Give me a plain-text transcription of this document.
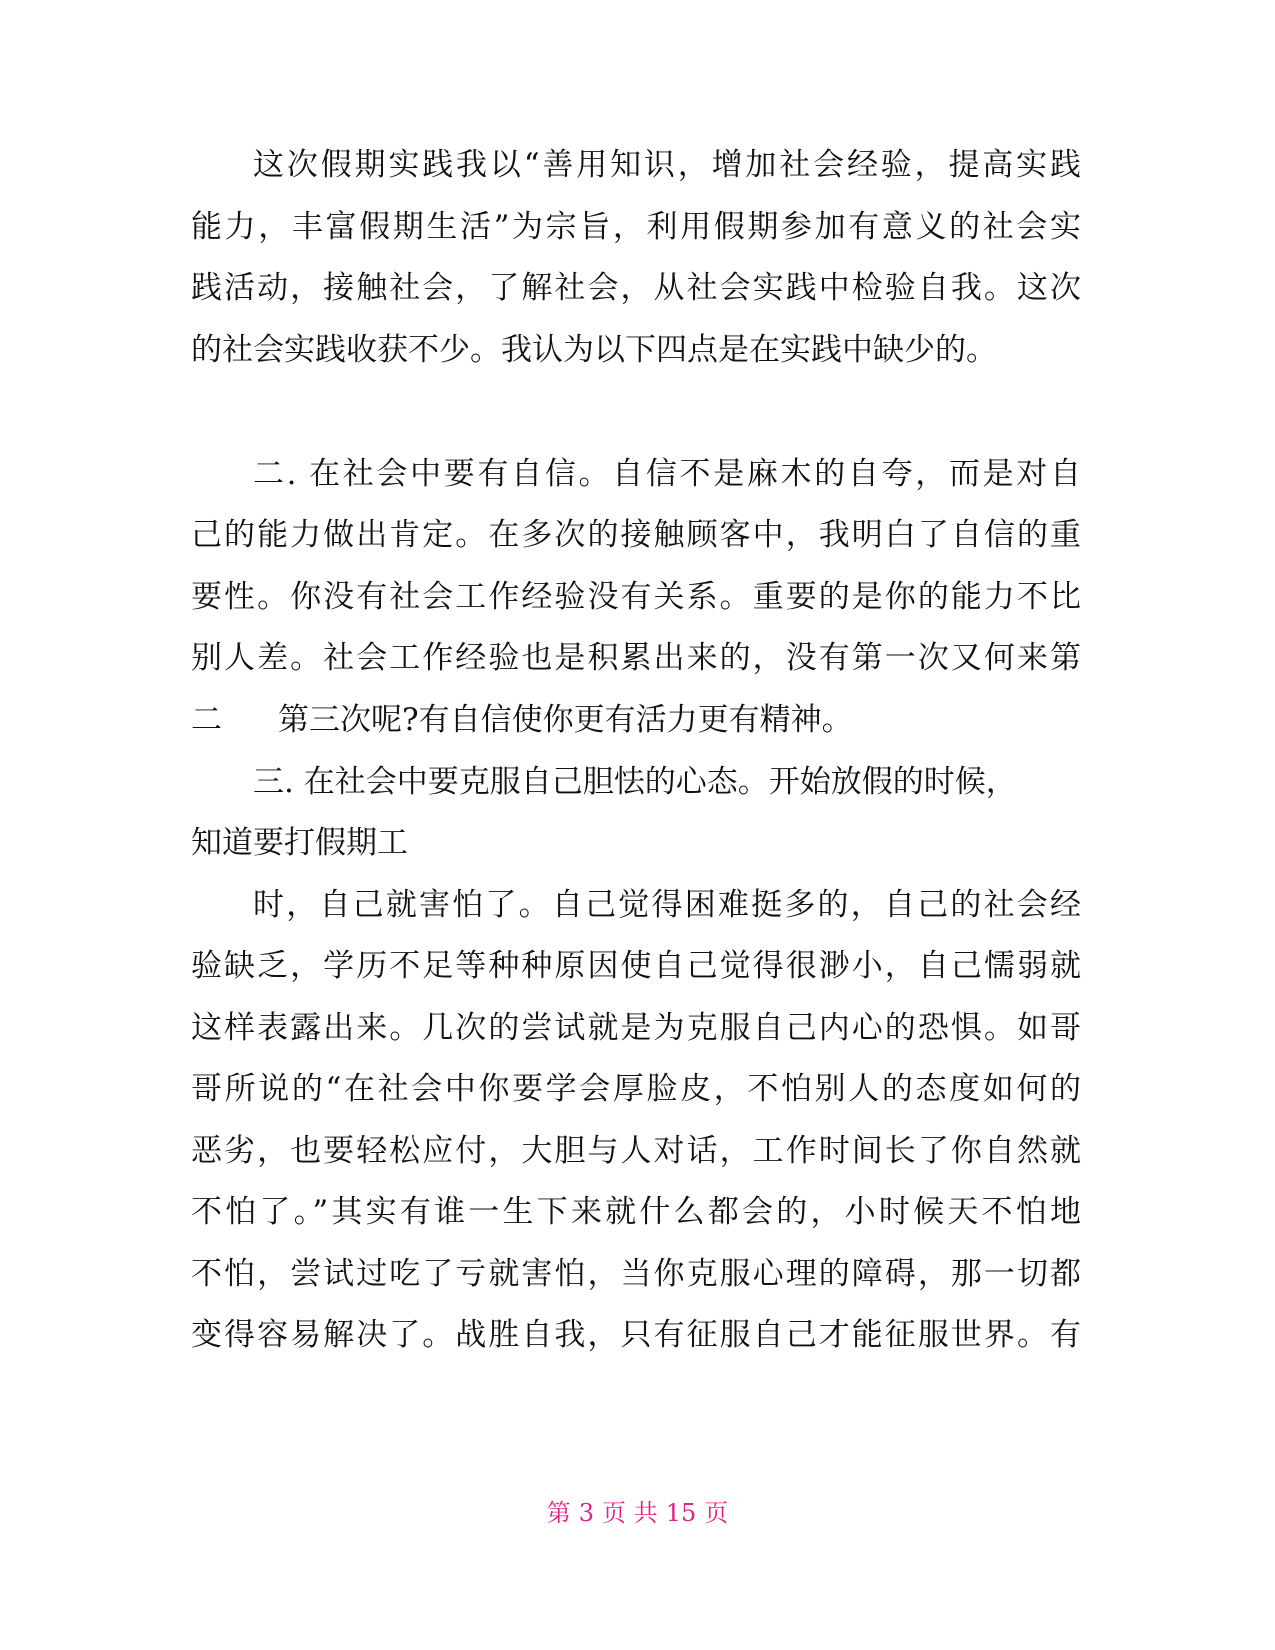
这次假期实践我以“善用知识，增加社会经验，提高实践
能力，丰富假期生活”为宗旨，利用假期参加有意义的社会实
践活动，接触社会，了解社会，从社会实践中检验自我。这次
的社会实践收获不少。我认为以下四点是在实践中缺少的。
二. 在社会中要有自信。自信不是麻木的自夸，而是对自
己的能力做出肯定。在多次的接触顾客中，我明白了自信的重
要性。你没有社会工作经验没有关系。重要的是你的能力不比
别人差。社会工作经验也是积累出来的，没有第一次又何来第
二 第三次呢?有自信使你更有活力更有精神。
三. 在社会中要克服自己胆怯的心态。开始放假的时候，
知道要打假期工
时，自己就害怕了。自己觉得困难挺多的，自己的社会经
验缺乏，学历不足等种种原因使自己觉得很渺小，自己懦弱就
这样表露出来。几次的尝试就是为克服自己内心的恐惧。如哥
哥所说的“在社会中你要学会厚脸皮，不怕别人的态度如何的
恶劣，也要轻松应付，大胆与人对话，工作时间长了你自然就
不怕了。”其实有谁一生下来就什么都会的，小时候天不怕地
不怕，尝试过吃了亏就害怕，当你克服心理的障碍，那一切都
变得容易解决了。战胜自我，只有征服自己才能征服世界。有
第 3 页 共 15 页
